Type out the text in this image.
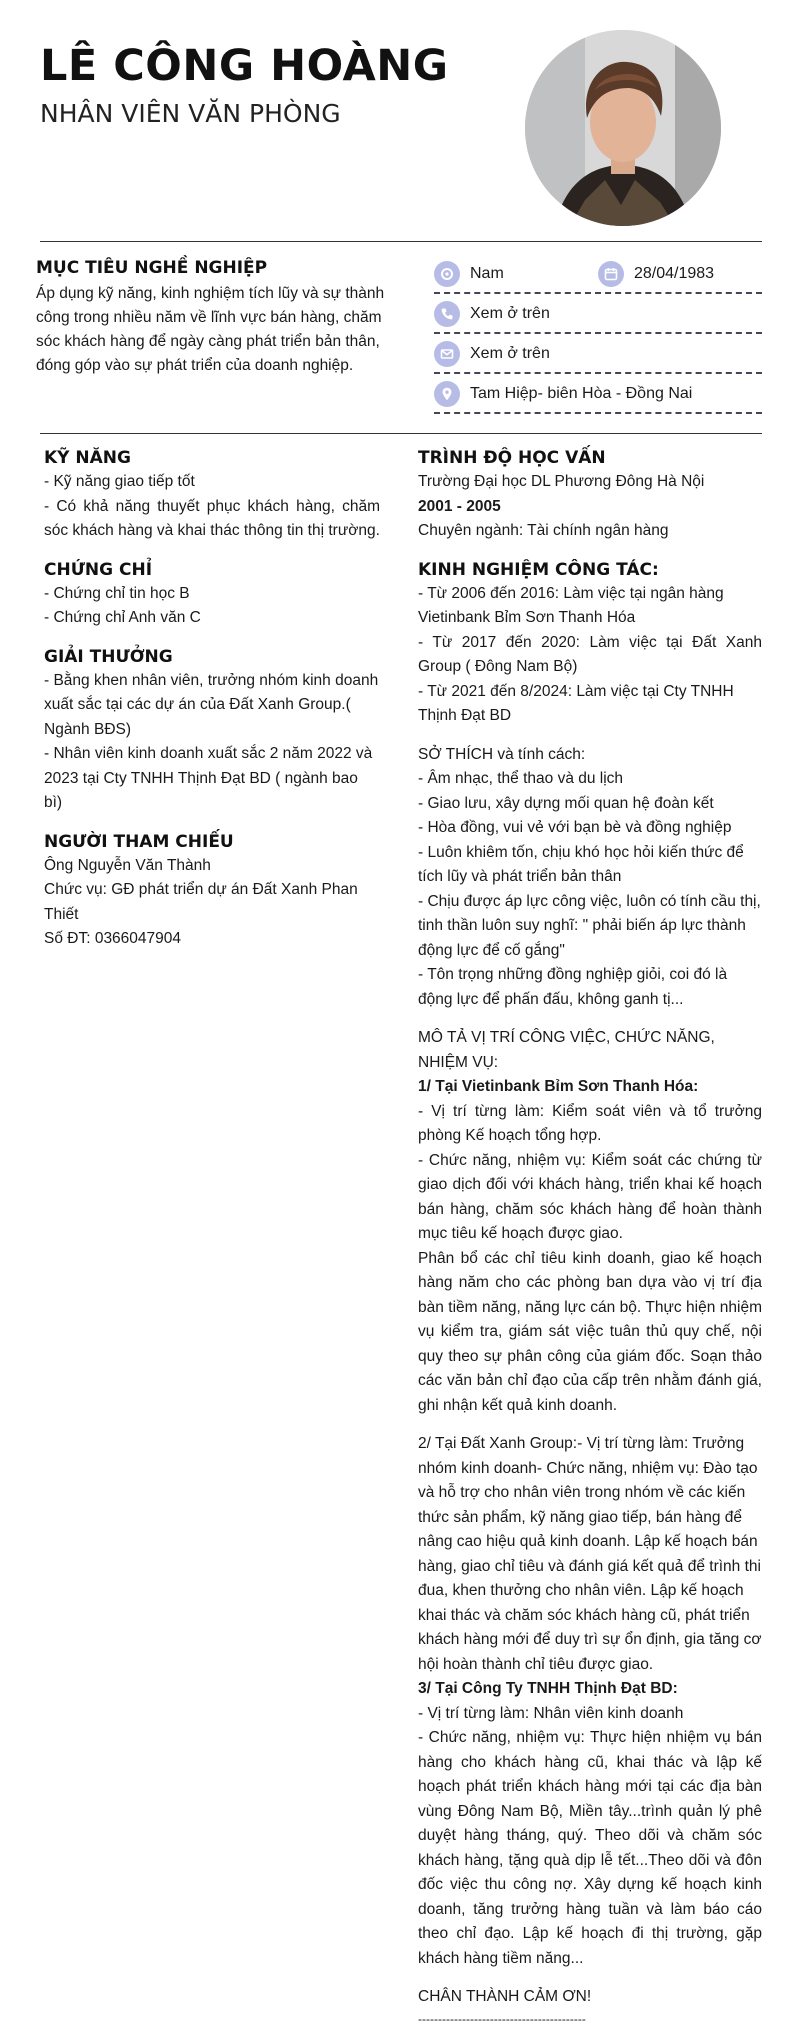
LÊ CÔNG HOÀNG
NHÂN VIÊN VĂN PHÒNG
MỤC TIÊU NGHỀ NGHIỆP

Áp dụng kỹ năng, kinh nghiệm tích lũy và sự thành công trong nhiều năm về lĩnh vực bán hàng, chăm sóc khách hàng để ngày càng phát triển bản thân, đóng góp vào sự phát triển của doanh nghiệp.

Nam	28/04/1983
Xem ở trên
Xem ở trên
Tam Hiệp- biên Hòa - Đồng Nai
KỸ NĂNG
- Kỹ năng giao tiếp tốt
- Có khả năng thuyết phục khách hàng, chăm sóc khách hàng và khai thác thông tin thị trường.
CHỨNG CHỈ
- Chứng chỉ tin học B
- Chứng chỉ Anh văn C
GIẢI THƯỞNG
- Bằng khen nhân viên, trưởng nhóm kinh doanh xuất sắc tại các dự án của Đất Xanh Group.( Ngành BĐS)
- Nhân viên kinh doanh xuất sắc 2 năm 2022 và 2023 tại Cty TNHH Thịnh Đạt BD ( ngành bao bì)
NGƯỜI THAM CHIẾU
Ông Nguyễn Văn Thành
Chức vụ: GĐ phát triển dự án Đất Xanh Phan Thiết
Số ĐT: 0366047904
TRÌNH ĐỘ HỌC VẤN
Trường Đại học DL Phương Đông Hà Nội
2001 - 2005
Chuyên ngành: Tài chính ngân hàng
KINH NGHIỆM CÔNG TÁC:
- Từ 2006 đến 2016: Làm việc tại ngân hàng Vietinbank Bỉm Sơn Thanh Hóa
- Từ 2017 đến 2020: Làm việc tại Đất Xanh Group ( Đông Nam Bộ)
- Từ 2021 đến 8/2024: Làm việc tại Cty TNHH Thịnh Đạt BD
SỞ THÍCH và tính cách:
- Âm nhạc, thể thao và du lịch
- Giao lưu, xây dựng mối quan hệ đoàn kết
- Hòa đồng, vui vẻ với bạn bè và đồng nghiệp
- Luôn khiêm tốn, chịu khó học hỏi kiến thức để tích lũy và phát triển bản thân
- Chịu được áp lực công việc, luôn có tính cầu thị, tinh thần luôn suy nghĩ: " phải biến áp lực thành động lực để cố gắng"
- Tôn trọng những đồng nghiệp giỏi, coi đó là động lực để phấn đấu, không ganh tị...
MÔ TẢ VỊ TRÍ CÔNG VIỆC, CHỨC NĂNG, NHIỆM VỤ:
1/ Tại Vietinbank Bỉm Sơn Thanh Hóa:
- Vị trí từng làm: Kiểm soát viên và tổ trưởng phòng Kế hoạch tổng hợp.
- Chức năng, nhiệm vụ: Kiểm soát các chứng từ giao dịch đối với khách hàng, triển khai kế hoạch bán hàng, chăm sóc khách hàng để hoàn thành mục tiêu kế hoạch được giao.
Phân bổ các chỉ tiêu kinh doanh, giao kế hoạch hàng năm cho các phòng ban dựa vào vị trí địa bàn tiềm năng, năng lực cán bộ. Thực hiện nhiệm vụ kiểm tra, giám sát việc tuân thủ quy chế, nội quy theo sự phân công của giám đốc. Soạn thảo các văn bản chỉ đạo của cấp trên nhằm đánh giá, ghi nhận kết quả kinh doanh.
2/ Tại Đất Xanh Group:- Vị trí từng làm: Trưởng nhóm kinh doanh- Chức năng, nhiệm vụ: Đào tạo và hỗ trợ cho nhân viên trong nhóm về các kiến thức sản phẩm, kỹ năng giao tiếp, bán hàng để nâng cao hiệu quả kinh doanh. Lập kế hoạch bán hàng, giao chỉ tiêu và đánh giá kết quả để trình thi đua, khen thưởng cho nhân viên. Lập kế hoạch khai thác và chăm sóc khách hàng cũ, phát triển khách hàng mới để duy trì sự ổn định, gia tăng cơ hội hoàn thành chỉ tiêu được giao.
3/ Tại Công Ty TNHH Thịnh Đạt BD:
- Vị trí từng làm: Nhân viên kinh doanh
- Chức năng, nhiệm vụ: Thực hiện nhiệm vụ bán hàng cho khách hàng cũ, khai thác và lập kế hoạch phát triển khách hàng mới tại các địa bàn vùng Đông Nam Bộ, Miền tây...trình quản lý phê duyệt hàng tháng, quý. Theo dõi và chăm sóc khách hàng, tặng quà dịp lễ tết...Theo dõi và đôn đốc việc thu công nợ. Xây dựng kế hoạch kinh doanh, tăng trưởng hàng tuần và làm báo cáo theo chỉ đạo. Lập kế hoạch đi thị trường, gặp khách hàng tiềm năng...
CHÂN THÀNH CẢM ƠN!
------------------------------------------
